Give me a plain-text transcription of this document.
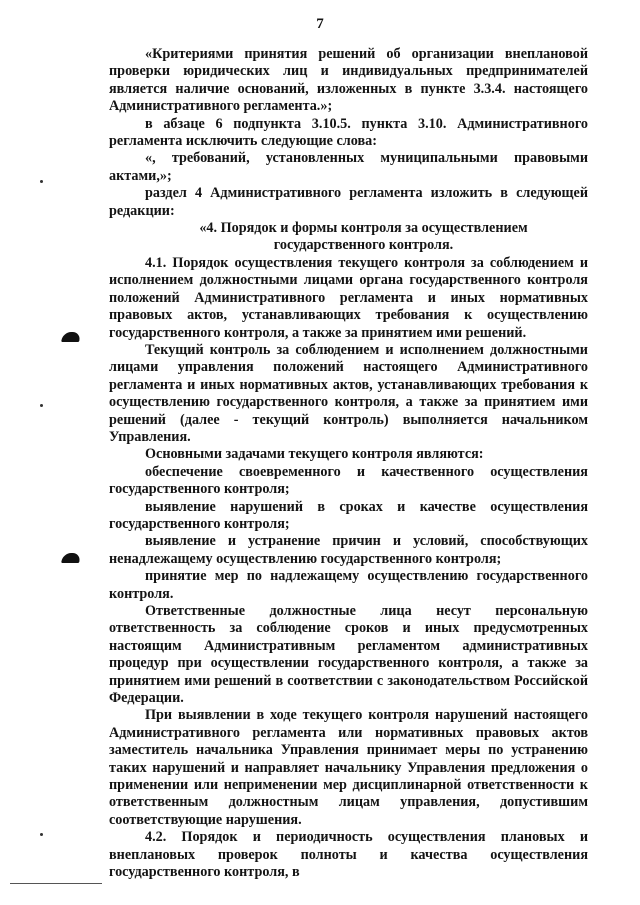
7

«Критериями принятия решений об организации внеплановой проверки юридических лиц и индивидуальных предпринимателей является наличие оснований, изложенных в пункте 3.3.4. настоящего Административного регламента.»;

в абзаце 6 подпункта 3.10.5. пункта 3.10. Административного регламента исключить следующие слова:

«, требований, установленных муниципальными правовыми актами,»;

раздел 4 Административного регламента изложить в следующей редакции:

«4. Порядок и формы контроля за осуществлением государственного контроля.

4.1. Порядок осуществления текущего контроля за соблюдением и исполнением должностными лицами органа государственного контроля положений Административного регламента и иных нормативных правовых актов, устанавливающих требования к осуществлению государственного контроля, а также за принятием ими решений.

Текущий контроль за соблюдением и исполнением должностными лицами управления положений настоящего Административного регламента и иных нормативных актов, устанавливающих требования к осуществлению государственного контроля, а также за принятием ими решений (далее - текущий контроль) выполняется начальником Управления.

Основными задачами текущего контроля являются:

обеспечение своевременного и качественного осуществления государственного контроля;

выявление нарушений в сроках и качестве осуществления государственного контроля;

выявление и устранение причин и условий, способствующих ненадлежащему осуществлению государственного контроля;

принятие мер по надлежащему осуществлению государственного контроля.

Ответственные должностные лица несут персональную ответственность за соблюдение сроков и иных предусмотренных настоящим Административным регламентом административных процедур при осуществлении государственного контроля, а также за принятием ими решений в соответствии с законодательством Российской Федерации.

При выявлении в ходе текущего контроля нарушений настоящего Административного регламента или нормативных правовых актов заместитель начальника Управления принимает меры по устранению таких нарушений и направляет начальнику Управления предложения о применении или неприменении мер дисциплинарной ответственности к ответственным должностным лицам управления, допустившим соответствующие нарушения.

4.2. Порядок и периодичность осуществления плановых и внеплановых проверок полноты и качества осуществления государственного контроля, в
